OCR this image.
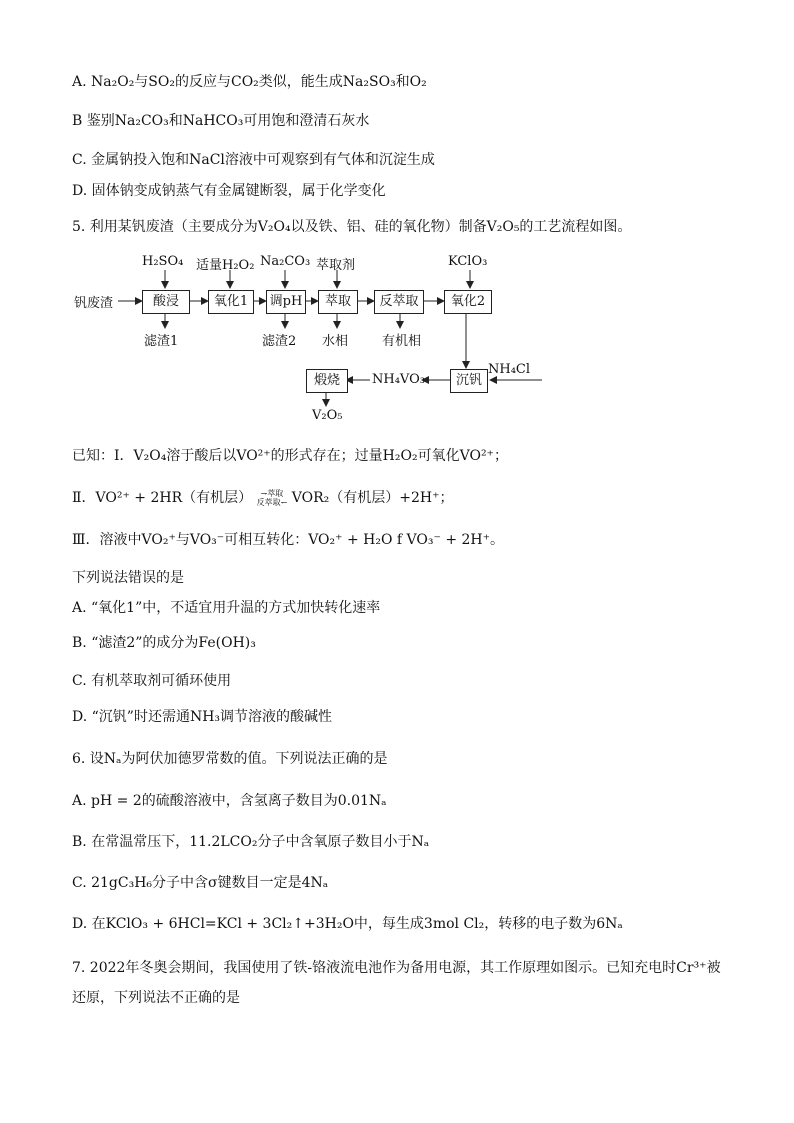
A. Na₂O₂与SO₂的反应与CO₂类似，能生成Na₂SO₃和O₂
B 鉴别Na₂CO₃和NaHCO₃可用饱和澄清石灰水
C. 金属钠投入饱和NaCl溶液中可观察到有气体和沉淀生成
D. 固体钠变成钠蒸气有金属键断裂，属于化学变化
5. 利用某钒废渣（主要成分为V₂O₄以及铁、铝、硅的氧化物）制备V₂O₅的工艺流程如图。
钒废渣	酸浸	氧化1	调pH	萃取	反萃取	氧化2
沉钒
煅烧
H₂SO₄ 适量H₂O₂ Na₂CO₃ 萃取剂	KClO₃
NH₄Cl
滤渣1	滤渣2 水相	有机相
NH₄VO₃
V₂O₅
已知：Ⅰ．V₂O₄溶于酸后以VO²⁺的形式存在；过量H₂O₂可氧化VO²⁺；
Ⅱ．VO²⁺ + 2HR（有机层） ⇁萃取
反萃取↽ VOR₂（有机层）+2H⁺；
Ⅲ．溶液中VO₂⁺与VO₃⁻可相互转化：VO₂⁺ + H₂O f VO₃⁻ + 2H⁺。
下列说法错误的是
A. “氧化1”中，不适宜用升温的方式加快转化速率
B. “滤渣2”的成分为Fe(OH)₃
C. 有机萃取剂可循环使用
D. “沉钒”时还需通NH₃调节溶液的酸碱性
6. 设Nₐ为阿伏加德罗常数的值。下列说法正确的是
A. pH = 2的硫酸溶液中，含氢离子数目为0.01Nₐ
B. 在常温常压下，11.2LCO₂分子中含氧原子数目小于Nₐ
C. 21gC₃H₆分子中含σ键数目一定是4Nₐ
D. 在KClO₃ + 6HCl=KCl + 3Cl₂↑+3H₂O中，每生成3mol Cl₂，转移的电子数为6Nₐ
7. 2022年冬奥会期间，我国使用了铁-铬液流电池作为备用电源，其工作原理如图示。已知充电时Cr³⁺被
还原，下列说法不正确的是
